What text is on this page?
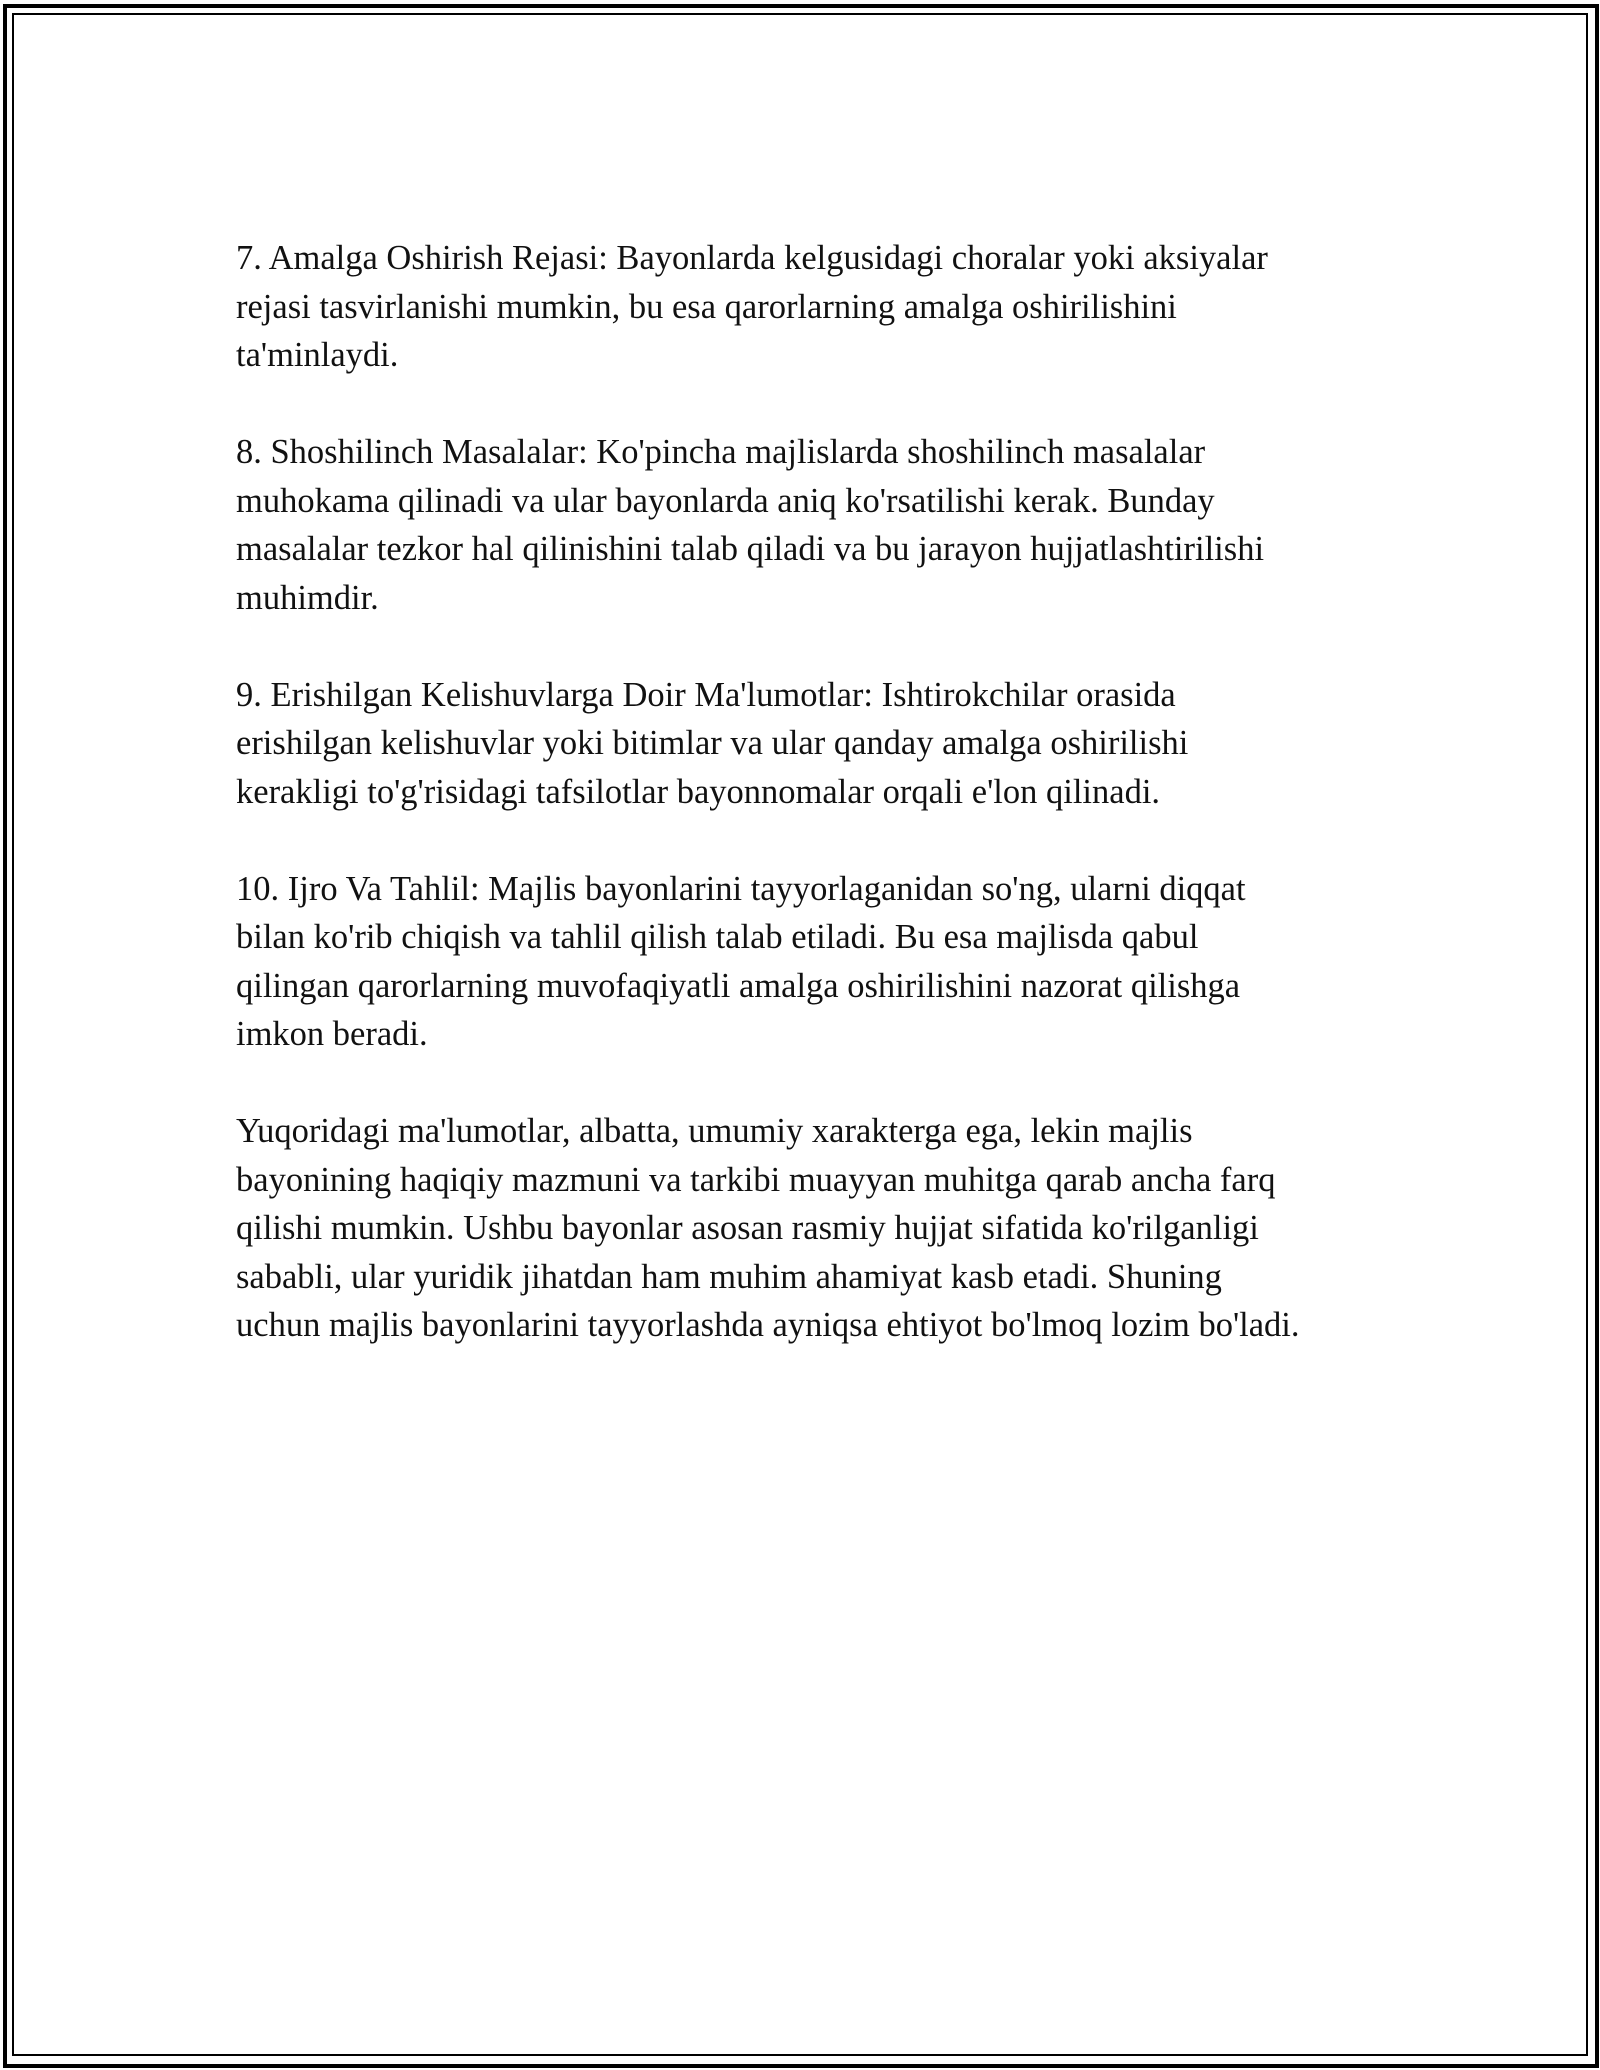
7. Amalga Oshirish Rejasi: Bayonlarda kelgusidagi choralar yoki aksiyalar
rejasi tasvirlanishi mumkin, bu esa qarorlarning amalga oshirilishini
ta'minlaydi.

8. Shoshilinch Masalalar: Ko'pincha majlislarda shoshilinch masalalar
muhokama qilinadi va ular bayonlarda aniq ko'rsatilishi kerak. Bunday
masalalar tezkor hal qilinishini talab qiladi va bu jarayon hujjatlashtirilishi
muhimdir.

9. Erishilgan Kelishuvlarga Doir Ma'lumotlar: Ishtirokchilar orasida
erishilgan kelishuvlar yoki bitimlar va ular qanday amalga oshirilishi
kerakligi to'g'risidagi tafsilotlar bayonnomalar orqali e'lon qilinadi.

10. Ijro Va Tahlil: Majlis bayonlarini tayyorlaganidan so'ng, ularni diqqat
bilan ko'rib chiqish va tahlil qilish talab etiladi. Bu esa majlisda qabul
qilingan qarorlarning muvofaqiyatli amalga oshirilishini nazorat qilishga
imkon beradi.

Yuqoridagi ma'lumotlar, albatta, umumiy xarakterga ega, lekin majlis
bayonining haqiqiy mazmuni va tarkibi muayyan muhitga qarab ancha farq
qilishi mumkin. Ushbu bayonlar asosan rasmiy hujjat sifatida ko'rilganligi
sababli, ular yuridik jihatdan ham muhim ahamiyat kasb etadi. Shuning
uchun majlis bayonlarini tayyorlashda ayniqsa ehtiyot bo'lmoq lozim bo'ladi.
